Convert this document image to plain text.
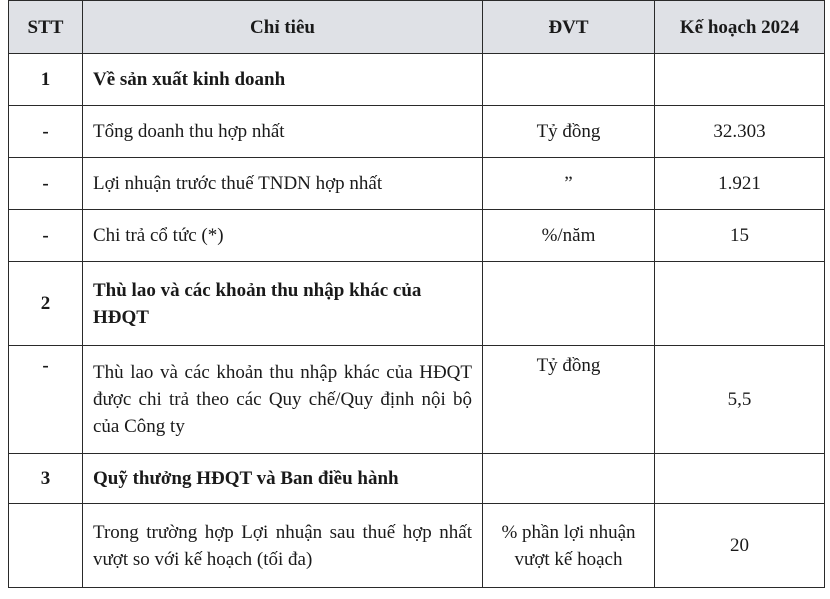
STT	Chỉ tiêu	ĐVT	Kế hoạch 2024
1	Về sản xuất kinh doanh		
-	Tổng doanh thu hợp nhất	Tỷ đồng	32.303
-	Lợi nhuận trước thuế TNDN hợp nhất	”	1.921
-	Chi trả cổ tức (*)	%/năm	15
2	Thù lao và các khoản thu nhập khác của HĐQT		
-	Thù lao và các khoản thu nhập khác của HĐQT được chi trả theo các Quy chế/Quy định nội bộ của Công ty	Tỷ đồng	5,5
3	Quỹ thưởng HĐQT và Ban điều hành		
	Trong trường hợp Lợi nhuận sau thuế hợp nhất vượt so với kế hoạch (tối đa)	% phần lợi nhuận vượt kế hoạch	20
